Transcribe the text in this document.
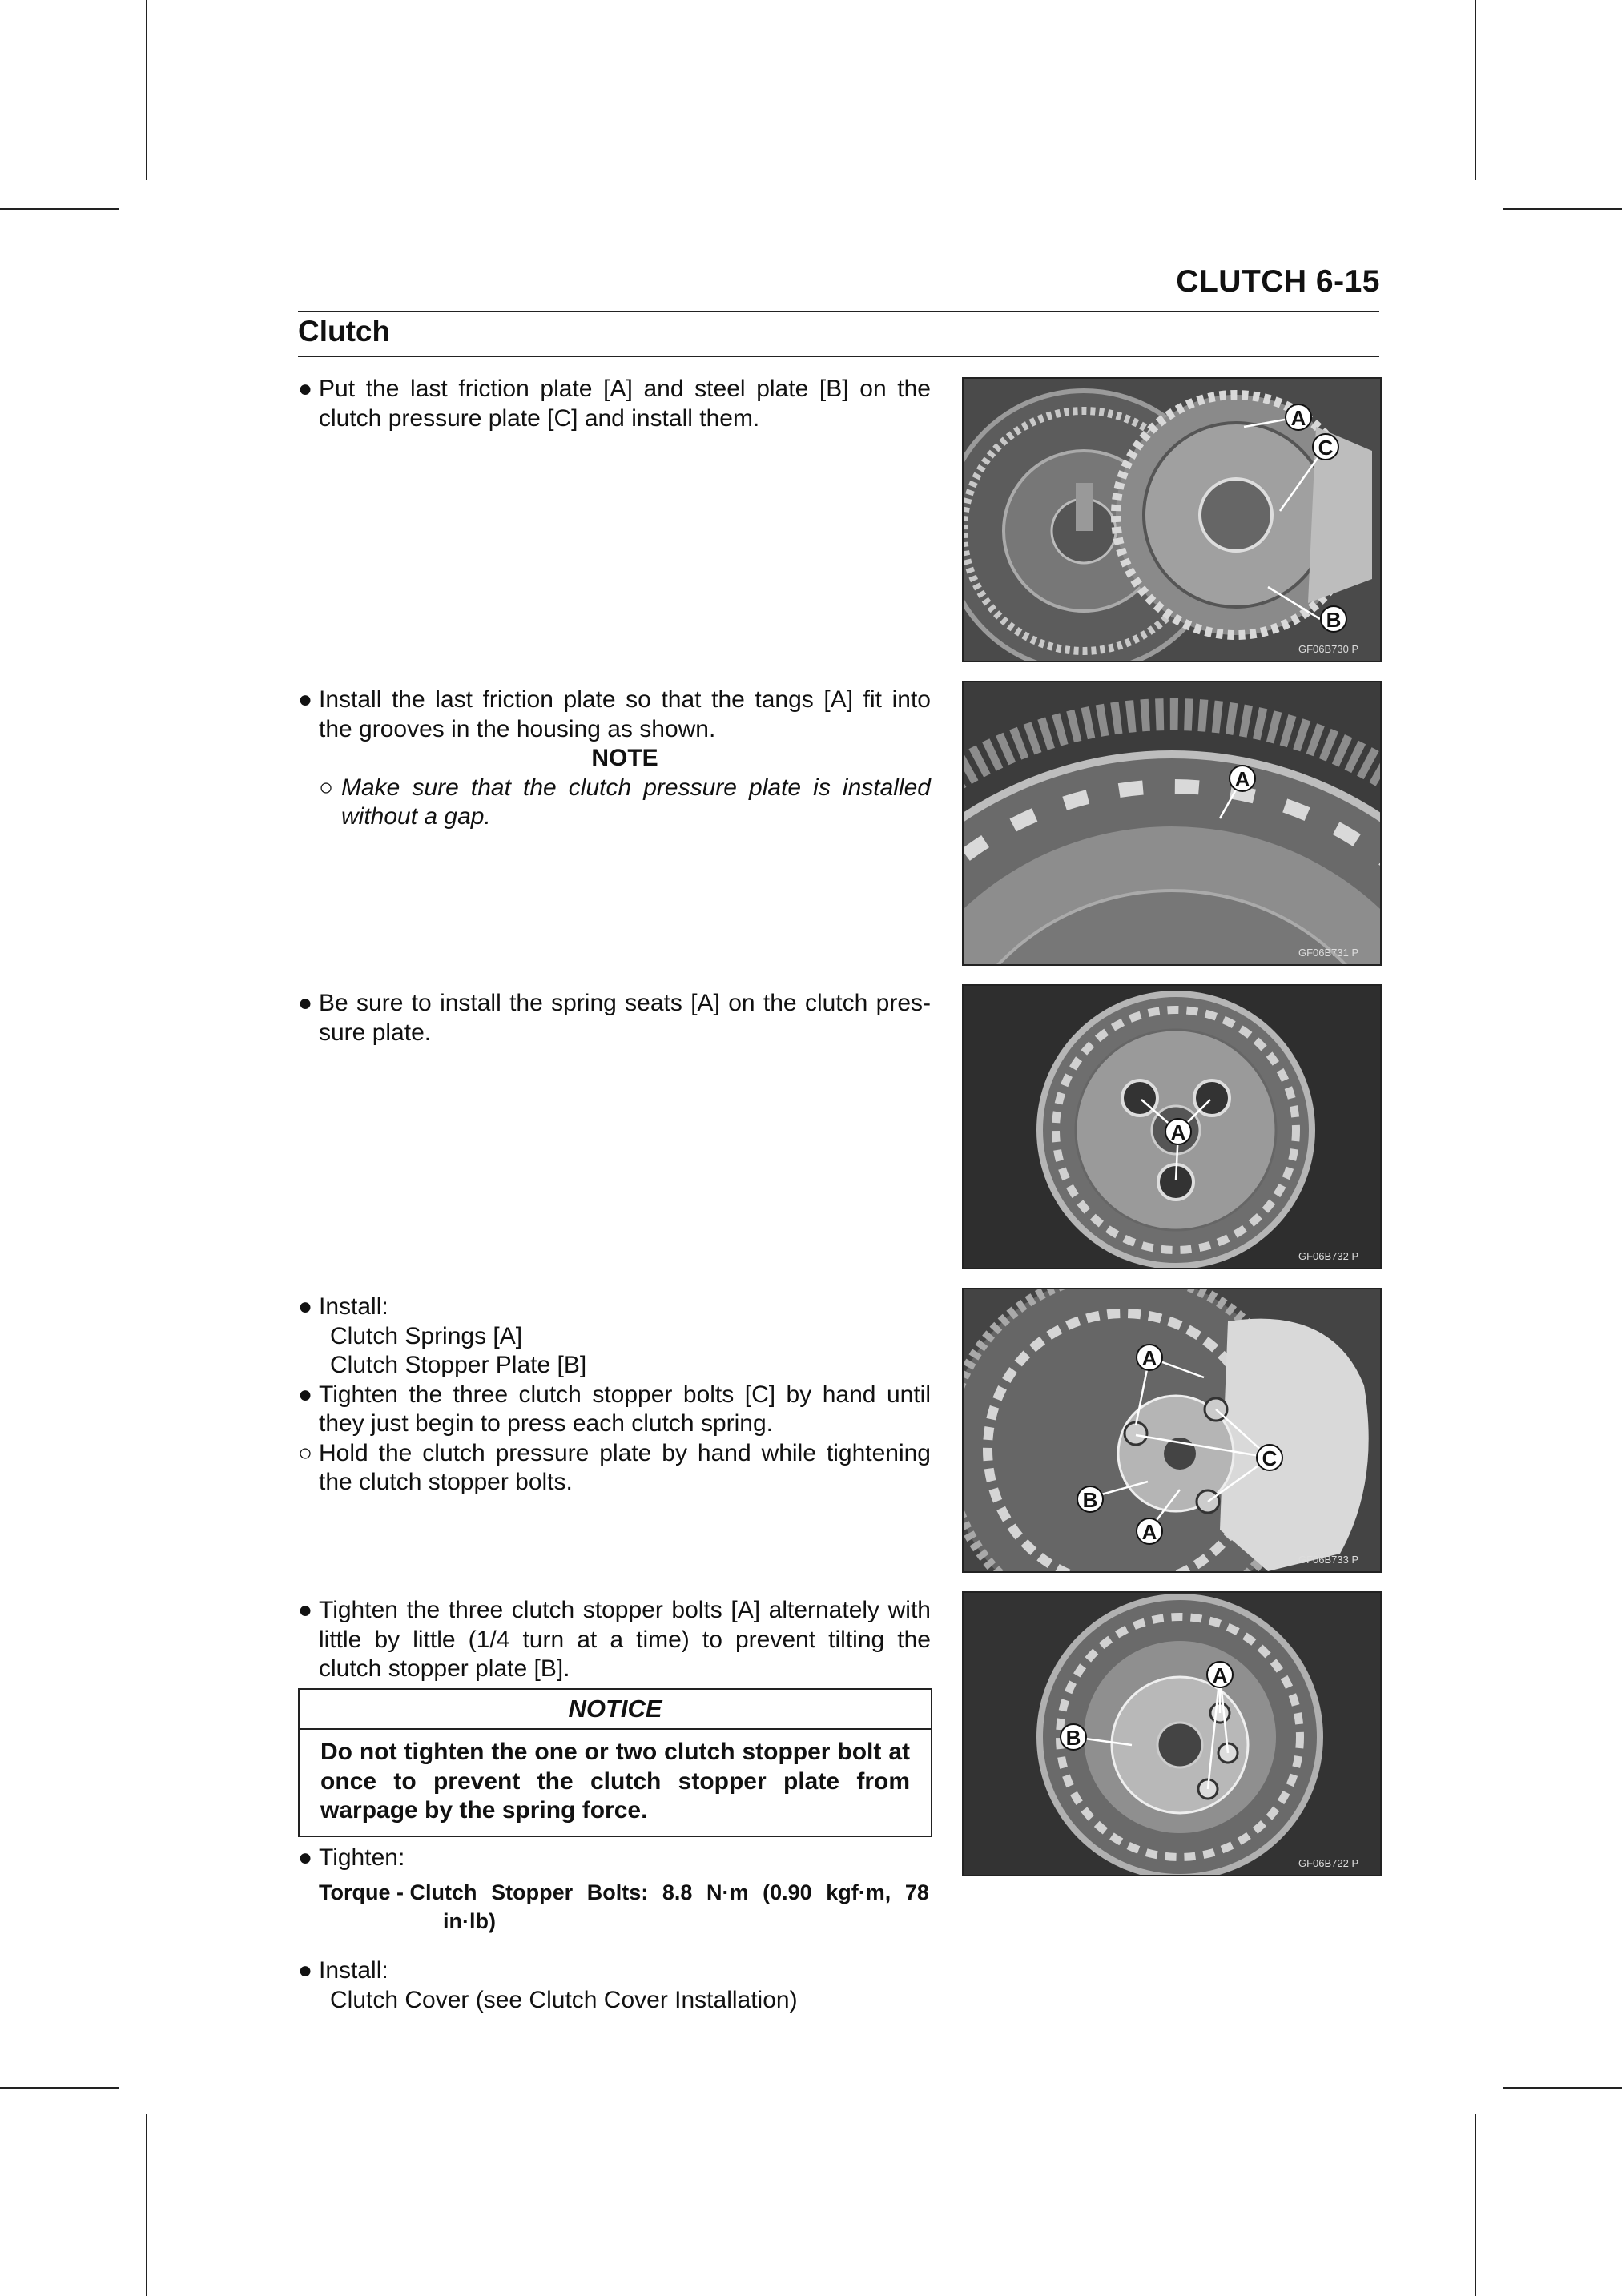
CLUTCH 6-15
Clutch
● Put the last friction plate [A] and steel plate [B] on the clutch pressure plate [C] and install them.
● Install the last friction plate so that the tangs [A] fit into the grooves in the housing as shown.
NOTE
○ Make sure that the clutch pressure plate is installed without a gap.
● Be sure to install the spring seats [A] on the clutch pres-sure plate.
● Install:
Clutch Springs [A]
Clutch Stopper Plate [B]
● Tighten the three clutch stopper bolts [C] by hand until they just begin to press each clutch spring.
○ Hold the clutch pressure plate by hand while tightening the clutch stopper bolts.
● Tighten the three clutch stopper bolts [A] alternately with little by little (1/4 turn at a time) to prevent tilting the clutch stopper plate [B].
NOTICE
Do not tighten the one or two clutch stopper bolt at once to prevent the clutch stopper plate from warpage by the spring force.
● Tighten:
Torque - Clutch Stopper Bolts: 8.8 N·m (0.90 kgf·m, 78
in·lb)
● Install:
Clutch Cover (see Clutch Cover Installation)
A
C
B
GF06B730 P
A
GF06B731 P
A
GF06B732 P
A
C
B
A
GF06B733 P
A
B
GF06B722 P
